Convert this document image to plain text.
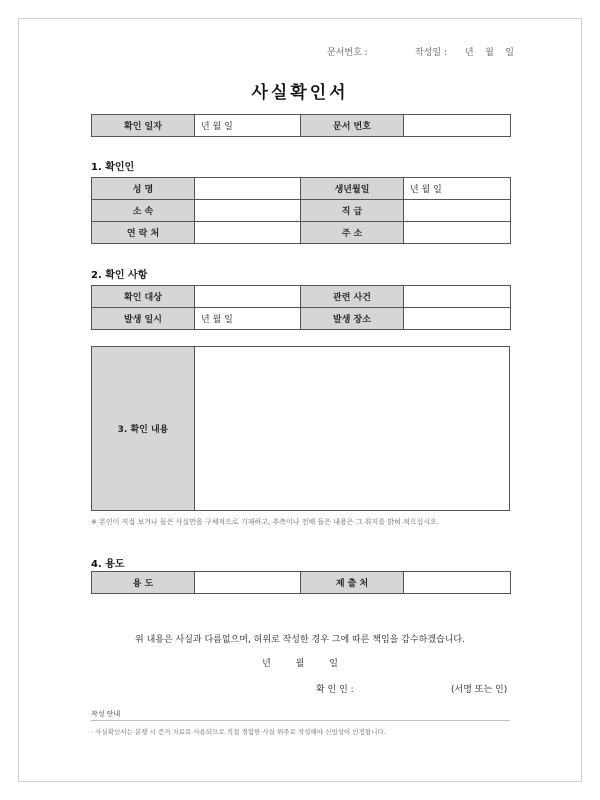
문서번호 :	작성일 : 년    월    일
사실확인서
확인 일자	년 월 일	문서 번호	
1. 확인인
성 명		생년월일	년 월 일
소 속		직 급	
연 락 처		주 소	
2. 확인 사항
확인 대상		관련 사건	
발생 일시	년 월 일	발생 장소	
3. 확인 내용
※ 본인이 직접 보거나 들은 사실만을 구체적으로 기재하고, 추측이나 전해 들은 내용은 그 취지를 밝혀 적으십시오.
4. 용도
용 도		제 출 처	
위 내용은 사실과 다름없으며, 허위로 작성한 경우 그에 따른 책임을 감수하겠습니다.
년 월 일
확 인 인 :	(서명 또는 인)
작성 안내
· 사실확인서는 분쟁 시 증거 자료로 사용되므로 직접 경험한 사실 위주로 작성해야 신빙성이 인정됩니다.
